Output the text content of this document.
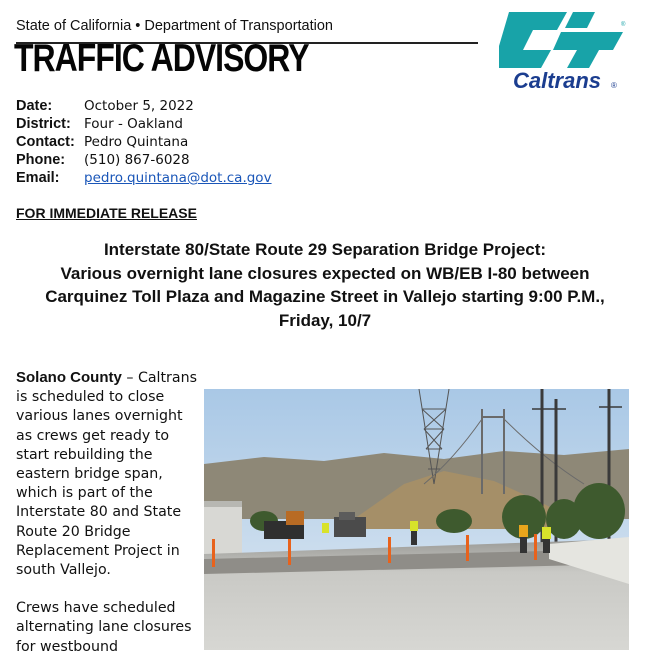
State of California • Department of Transportation
TRAFFIC ADVISORY
Caltrans ®
®
Date:	October 5, 2022
District: Four - Oakland
Contact: Pedro Quintana
Phone:	(510) 867-6028
Email:	pedro.quintana@dot.ca.gov
FOR IMMEDIATE RELEASE
Interstate 80/State Route 29 Separation Bridge Project:
Various overnight lane closures expected on WB/EB I-80 between
Carquinez Toll Plaza and Magazine Street in Vallejo starting 9:00 P.M.,
Friday, 10/7
Solano County – Caltrans is scheduled to close various lanes overnight as crews get ready to start rebuilding the eastern bridge span, which is part of the Interstate 80 and State Route 20 Bridge Replacement Project in south Vallejo.
Crews have scheduled alternating lane closures for westbound
